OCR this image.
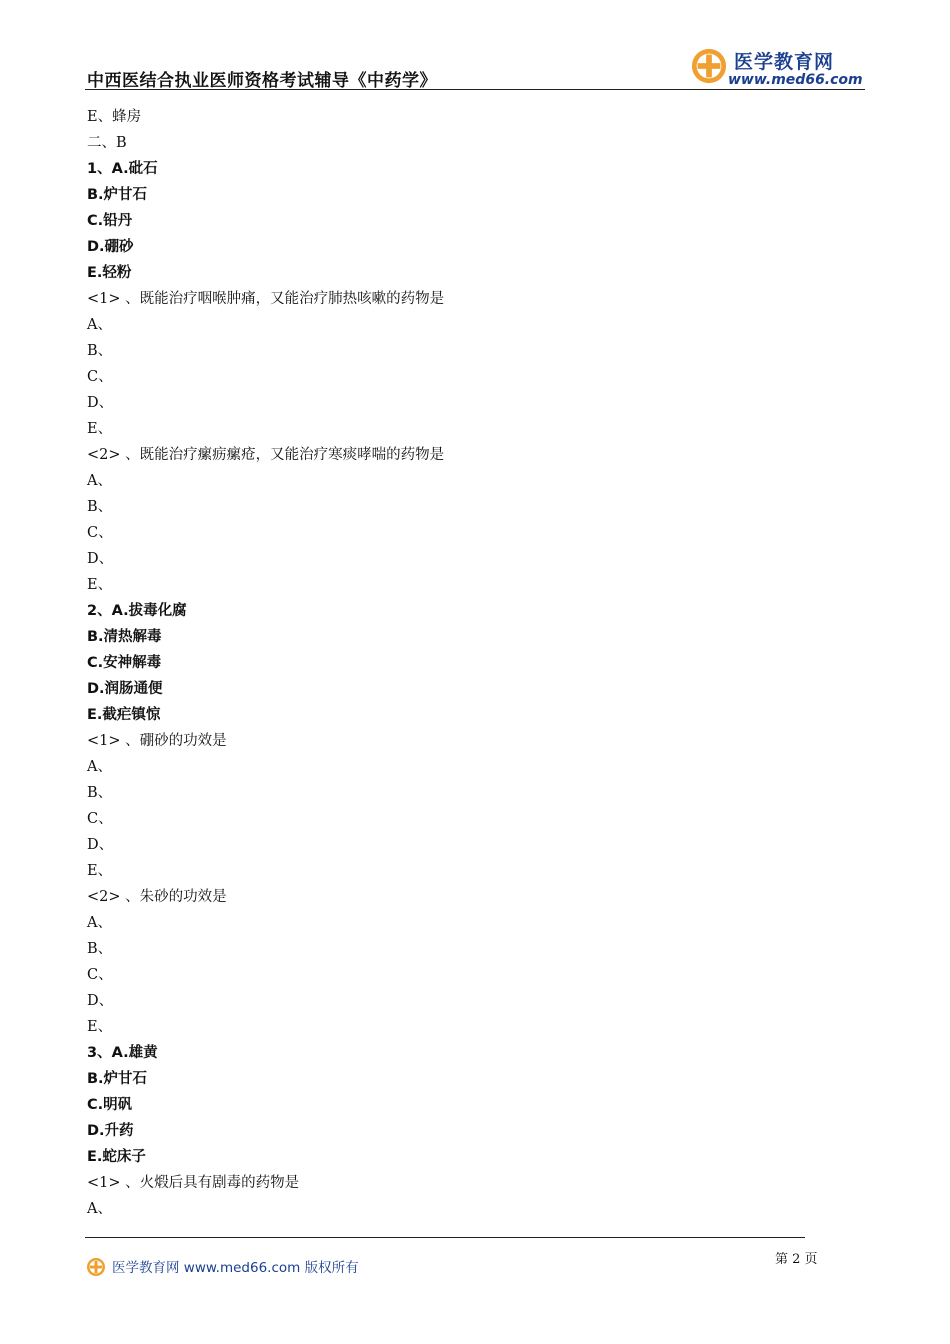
中西医结合执业医师资格考试辅导《中药学》
医学教育网
www.med66.com
E、蜂房
二、B
1、A.砒石
B.炉甘石
C.铅丹
D.硼砂
E.轻粉
<1> 、既能治疗咽喉肿痛，又能治疗肺热咳嗽的药物是
A、
B、
C、
D、
E、
<2> 、既能治疗瘰疬瘰疮，又能治疗寒痰哮喘的药物是
A、
B、
C、
D、
E、
2、A.拔毒化腐
B.清热解毒
C.安神解毒
D.润肠通便
E.截疟镇惊
<1> 、硼砂的功效是
A、
B、
C、
D、
E、
<2> 、朱砂的功效是
A、
B、
C、
D、
E、
3、A.雄黄
B.炉甘石
C.明矾
D.升药
E.蛇床子
<1> 、火煅后具有剧毒的药物是
A、
医学教育网 www.med66.com 版权所有
第 2 页
